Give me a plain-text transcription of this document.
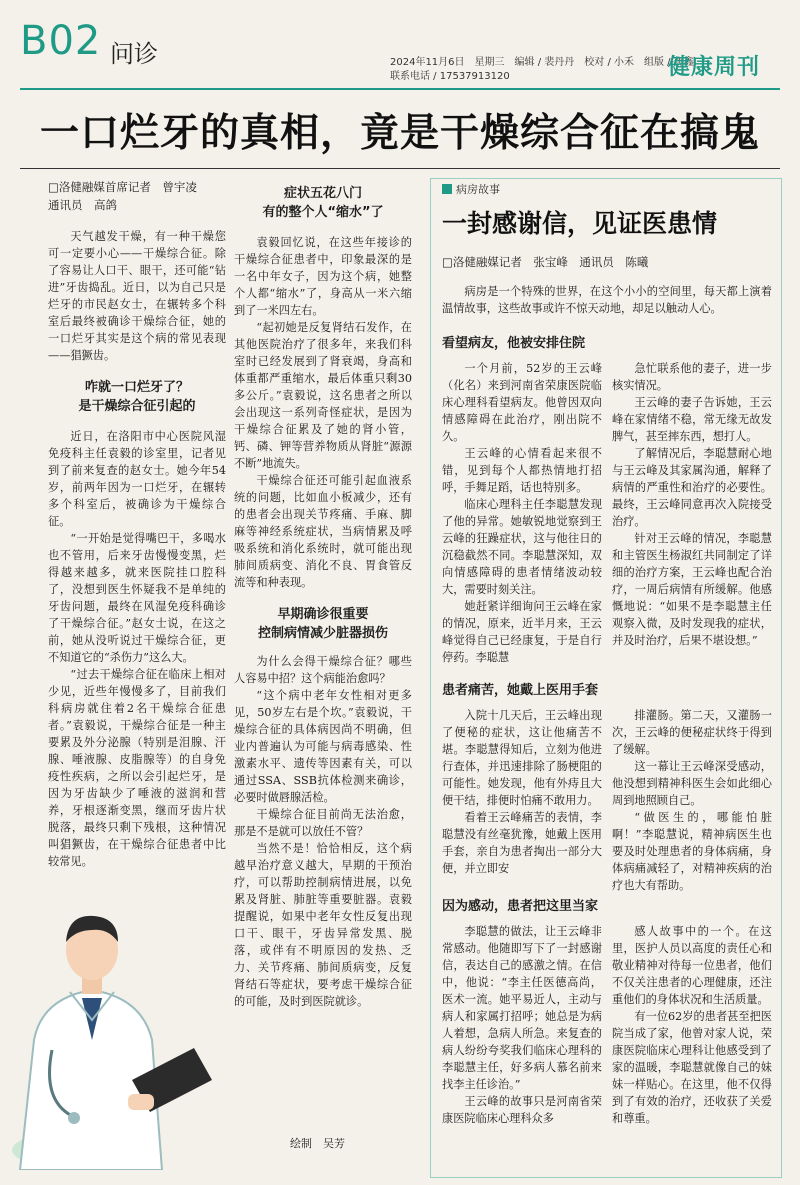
B02 问诊	2024年11月6日　星期三　编辑 / 裴丹丹　校对 / 小禾　组版 / 焦鑫
联系电话 / 17537913120	健康周刊
一口烂牙的真相，竟是干燥综合征在搞鬼
□洛健融媒首席记者　曾宇凌
通讯员　高鸽

天气越发干燥，有一种干燥您可一定要小心——干燥综合征。除了容易让人口干、眼干，还可能“钻进”牙齿捣乱。近日，以为自己只是烂牙的市民赵女士，在辗转多个科室后最终被确诊干燥综合征，她的一口烂牙其实是这个病的常见表现——猖獗齿。

咋就一口烂牙了？
是干燥综合征引起的

近日，在洛阳市中心医院风湿免疫科主任袁毅的诊室里，记者见到了前来复查的赵女士。她今年54岁，前两年因为一口烂牙，在辗转多个科室后，被确诊为干燥综合征。

“一开始是觉得嘴巴干，多喝水也不管用，后来牙齿慢慢变黑，烂得越来越多，就来医院挂口腔科了，没想到医生怀疑我不是单纯的牙齿问题，最终在风湿免疫科确诊了干燥综合征。”赵女士说，在这之前，她从没听说过干燥综合征，更不知道它的“杀伤力”这么大。

“过去干燥综合征在临床上相对少见，近些年慢慢多了，目前我们科病房就住着2名干燥综合征患者。”袁毅说，干燥综合征是一种主要累及外分泌腺（特别是泪腺、汗腺、唾液腺、皮脂腺等）的自身免疫性疾病，之所以会引起烂牙，是因为牙齿缺少了唾液的滋润和营养，牙根逐渐变黑，继而牙齿片状脱落，最终只剩下残根，这种情况叫猖獗齿，在干燥综合征患者中比较常见。

症状五花八门
有的整个人“缩水”了

袁毅回忆说，在这些年接诊的干燥综合征患者中，印象最深的是一名中年女子，因为这个病，她整个人都“缩水”了，身高从一米六缩到了一米四左右。

“起初她是反复肾结石发作，在其他医院治疗了很多年，来我们科室时已经发展到了肾衰竭，身高和体重都严重缩水，最后体重只剩30多公斤。”袁毅说，这名患者之所以会出现这一系列奇怪症状，是因为干燥综合征累及了她的肾小管，钙、磷、钾等营养物质从肾脏“源源不断”地流失。

干燥综合征还可能引起血液系统的问题，比如血小板减少，还有的患者会出现关节疼痛、手麻、脚麻等神经系统症状，当病情累及呼吸系统和消化系统时，就可能出现肺间质病变、消化不良、胃食管反流等和种表现。

早期确诊很重要
控制病情减少脏器损伤

为什么会得干燥综合征？哪些人容易中招？这个病能治愈吗？

“这个病中老年女性相对更多见，50岁左右是个坎。”袁毅说，干燥综合征的具体病因尚不明确，但业内普遍认为可能与病毒感染、性激素水平、遗传等因素有关，可以通过SSA、SSB抗体检测来确诊，必要时做唇腺活检。

干燥综合征目前尚无法治愈，那是不是就可以放任不管？

当然不是！恰恰相反，这个病越早治疗意义越大，早期的干预治疗，可以帮助控制病情进展，以免累及肾脏、肺脏等重要脏器。袁毅提醒说，如果中老年女性反复出现口干、眼干，牙齿异常发黑、脱落，或伴有不明原因的发热、乏力、关节疼痛、肺间质病变，反复肾结石等症状，要考虑干燥综合征的可能，及时到医院就诊。

绘制　吴芳
病房故事
一封感谢信，见证医患情
□洛健融媒记者　张宝峰　通讯员　陈曦

病房是一个特殊的世界，在这个小小的空间里，每天都上演着温情故事，这些故事或许不惊天动地，却足以触动人心。

看望病友，他被安排住院

一个月前，52岁的王云峰（化名）来到河南省荣康医院临床心理科看望病友。他曾因双向情感障碍在此治疗，刚出院不久。

王云峰的心情看起来很不错，见到每个人都热情地打招呼，手舞足蹈，话也特别多。

临床心理科主任李聪慧发现了他的异常。她敏锐地觉察到王云峰的狂躁症状，这与他往日的沉稳截然不同。李聪慧深知，双向情感障碍的患者情绪波动较大，需要时刻关注。

她赶紧详细询问王云峰在家的情况，原来，近半月来，王云峰觉得自己已经康复，于是自行停药。李聪慧

急忙联系他的妻子，进一步核实情况。

王云峰的妻子告诉她，王云峰在家情绪不稳，常无缘无故发脾气，甚至摔东西，想打人。

了解情况后，李聪慧耐心地与王云峰及其家属沟通，解释了病情的严重性和治疗的必要性。最终，王云峰同意再次入院接受治疗。

针对王云峰的情况，李聪慧和主管医生杨淑红共同制定了详细的治疗方案，王云峰也配合治疗，一周后病情有所缓解。他感慨地说：“如果不是李聪慧主任观察入微，及时发现我的症状，并及时治疗，后果不堪设想。”

患者痛苦，她戴上医用手套

入院十几天后，王云峰出现了便秘的症状，这让他痛苦不堪。李聪慧得知后，立刻为他进行查体，并迅速排除了肠梗阻的可能性。她发现，他有外痔且大便干结，排便时怕痛不敢用力。

看着王云峰痛苦的表情，李聪慧没有丝毫犹豫，她戴上医用手套，亲自为患者掏出一部分大便，并立即安

排灌肠。第二天，又灌肠一次，王云峰的便秘症状终于得到了缓解。

这一幕让王云峰深受感动，他没想到精神科医生会如此细心周到地照顾自己。

“做医生的，哪能怕脏啊！”李聪慧说，精神病医生也要及时处理患者的身体病痛，身体病痛减轻了，对精神疾病的治疗也大有帮助。

因为感动，患者把这里当家

李聪慧的做法，让王云峰非常感动。他随即写下了一封感谢信，表达自己的感激之情。在信中，他说：“李主任医德高尚，医术一流。她平易近人，主动与病人和家属打招呼；她总是为病人着想，急病人所急。来复查的病人纷纷夸奖我们临床心理科的李聪慧主任，好多病人慕名前来找李主任诊治。”

王云峰的故事只是河南省荣康医院临床心理科众多

感人故事中的一个。在这里，医护人员以高度的责任心和敬业精神对待每一位患者，他们不仅关注患者的心理健康，还注重他们的身体状况和生活质量。

有一位62岁的患者甚至把医院当成了家，他曾对家人说，荣康医院临床心理科让他感受到了家的温暖，李聪慧就像自己的妹妹一样贴心。在这里，他不仅得到了有效的治疗，还收获了关爱和尊重。
